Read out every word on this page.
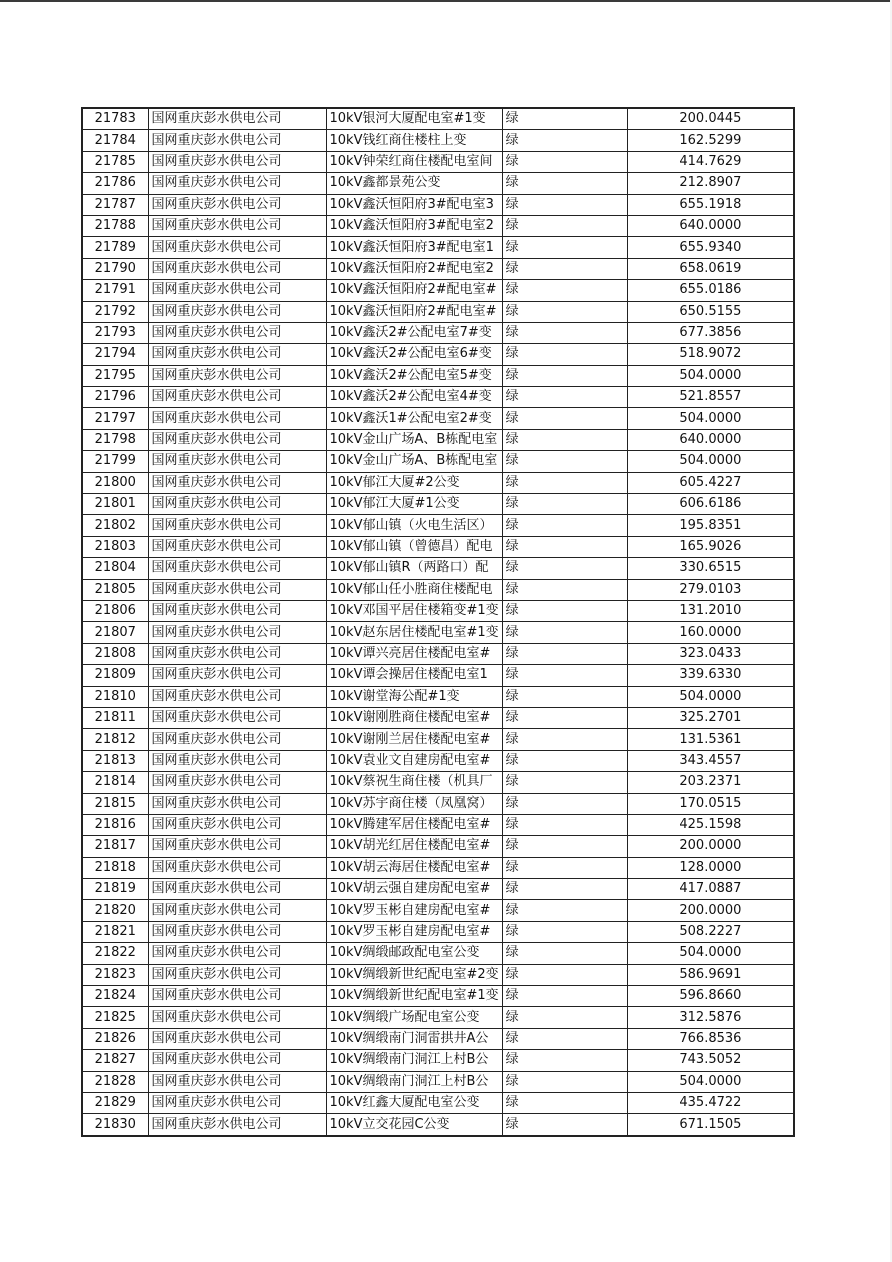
21783	国网重庆彭水供电公司	10kV银河大厦配电室#1变	绿	200.0445
21784	国网重庆彭水供电公司	10kV钱红商住楼柱上变	绿	162.5299
21785	国网重庆彭水供电公司	10kV钟荣红商住楼配电室间	绿	414.7629
21786	国网重庆彭水供电公司	10kV鑫都景苑公变	绿	212.8907
21787	国网重庆彭水供电公司	10kV鑫沃恒阳府3#配电室3	绿	655.1918
21788	国网重庆彭水供电公司	10kV鑫沃恒阳府3#配电室2	绿	640.0000
21789	国网重庆彭水供电公司	10kV鑫沃恒阳府3#配电室1	绿	655.9340
21790	国网重庆彭水供电公司	10kV鑫沃恒阳府2#配电室2	绿	658.0619
21791	国网重庆彭水供电公司	10kV鑫沃恒阳府2#配电室#	绿	655.0186
21792	国网重庆彭水供电公司	10kV鑫沃恒阳府2#配电室#	绿	650.5155
21793	国网重庆彭水供电公司	10kV鑫沃2#公配电室7#变	绿	677.3856
21794	国网重庆彭水供电公司	10kV鑫沃2#公配电室6#变	绿	518.9072
21795	国网重庆彭水供电公司	10kV鑫沃2#公配电室5#变	绿	504.0000
21796	国网重庆彭水供电公司	10kV鑫沃2#公配电室4#变	绿	521.8557
21797	国网重庆彭水供电公司	10kV鑫沃1#公配电室2#变	绿	504.0000
21798	国网重庆彭水供电公司	10kV金山广场A、B栋配电室	绿	640.0000
21799	国网重庆彭水供电公司	10kV金山广场A、B栋配电室	绿	504.0000
21800	国网重庆彭水供电公司	10kV郁江大厦#2公变	绿	605.4227
21801	国网重庆彭水供电公司	10kV郁江大厦#1公变	绿	606.6186
21802	国网重庆彭水供电公司	10kV郁山镇（火电生活区）	绿	195.8351
21803	国网重庆彭水供电公司	10kV郁山镇（曾德昌）配电	绿	165.9026
21804	国网重庆彭水供电公司	10kV郁山镇R（两路口）配	绿	330.6515
21805	国网重庆彭水供电公司	10kV郁山任小胜商住楼配电	绿	279.0103
21806	国网重庆彭水供电公司	10kV邓国平居住楼箱变#1变	绿	131.2010
21807	国网重庆彭水供电公司	10kV赵东居住楼配电室#1变	绿	160.0000
21808	国网重庆彭水供电公司	10kV谭兴亮居住楼配电室#	绿	323.0433
21809	国网重庆彭水供电公司	10kV谭会操居住楼配电室1	绿	339.6330
21810	国网重庆彭水供电公司	10kV谢堂海公配#1变	绿	504.0000
21811	国网重庆彭水供电公司	10kV谢刚胜商住楼配电室#	绿	325.2701
21812	国网重庆彭水供电公司	10kV谢刚兰居住楼配电室#	绿	131.5361
21813	国网重庆彭水供电公司	10kV袁业文自建房配电室#	绿	343.4557
21814	国网重庆彭水供电公司	10kV蔡祝生商住楼（机具厂	绿	203.2371
21815	国网重庆彭水供电公司	10kV苏宇商住楼（凤凰窝）	绿	170.0515
21816	国网重庆彭水供电公司	10kV腾建军居住楼配电室#	绿	425.1598
21817	国网重庆彭水供电公司	10kV胡光红居住楼配电室#	绿	200.0000
21818	国网重庆彭水供电公司	10kV胡云海居住楼配电室#	绿	128.0000
21819	国网重庆彭水供电公司	10kV胡云强自建房配电室#	绿	417.0887
21820	国网重庆彭水供电公司	10kV罗玉彬自建房配电室#	绿	200.0000
21821	国网重庆彭水供电公司	10kV罗玉彬自建房配电室#	绿	508.2227
21822	国网重庆彭水供电公司	10kV绸缎邮政配电室公变	绿	504.0000
21823	国网重庆彭水供电公司	10kV绸缎新世纪配电室#2变	绿	586.9691
21824	国网重庆彭水供电公司	10kV绸缎新世纪配电室#1变	绿	596.8660
21825	国网重庆彭水供电公司	10kV绸缎广场配电室公变	绿	312.5876
21826	国网重庆彭水供电公司	10kV绸缎南门洞雷拱井A公	绿	766.8536
21827	国网重庆彭水供电公司	10kV绸缎南门洞江上村B公	绿	743.5052
21828	国网重庆彭水供电公司	10kV绸缎南门洞江上村B公	绿	504.0000
21829	国网重庆彭水供电公司	10kV红鑫大厦配电室公变	绿	435.4722
21830	国网重庆彭水供电公司	10kV立交花园C公变	绿	671.1505
